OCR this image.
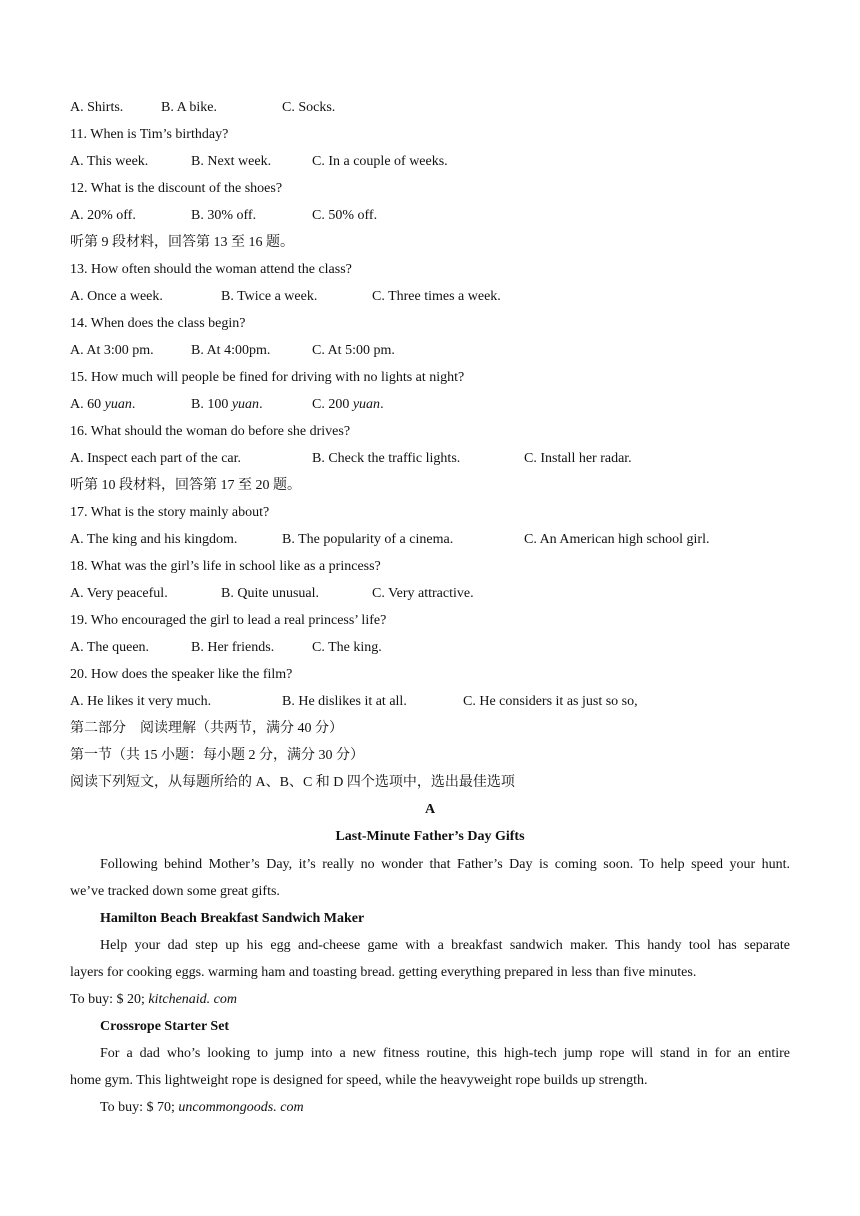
A. Shirts.	B. A bike.	C. Socks.
11. When is Tim’s birthday?
A. This week.	B. Next week.	C. In a couple of weeks.
12. What is the discount of the shoes?
A. 20% off.	B. 30% off.	C. 50% off.
听第 9 段材料，回答第 13 至 16 题。
13. How often should the woman attend the class?
A. Once a week.	B. Twice a week.	C. Three times a week.
14. When does the class begin?
A. At 3:00 pm.	B. At 4:00pm.	C. At 5:00 pm.
15. How much will people be fined for driving with no lights at night?
A. 60 yuan.	B. 100 yuan.	C. 200 yuan.
16. What should the woman do before she drives?
A. Inspect each part of the car.	B. Check the traffic lights.	C. Install her radar.
听第 10 段材料，回答第 17 至 20 题。
17. What is the story mainly about?
A. The king and his kingdom.	B. The popularity of a cinema.	C. An American high school girl.
18. What was the girl’s life in school like as a princess?
A. Very peaceful.	B. Quite unusual.	C. Very attractive.
19. Who encouraged the girl to lead a real princess’ life?
A. The queen.	B. Her friends.	C. The king.
20. How does the speaker like the film?
A. He likes it very much.	B. He dislikes it at all.	C. He considers it as just so so,
第二部分　阅读理解（共两节，满分 40 分）
第一节（共 15 小题：每小题 2 分，满分 30 分）
阅读下列短文，从每题所给的 A、B、C 和 D 四个选项中，选出最佳选项
A
Last-Minute Father’s Day Gifts
Following behind Mother’s Day, it’s really no wonder that Father’s Day is coming soon. To help speed your hunt.
we’ve tracked down some great gifts.
Hamilton Beach Breakfast Sandwich Maker
Help your dad step up his egg and-cheese game with a breakfast sandwich maker. This handy tool has separate
layers for cooking eggs. warming ham and toasting bread. getting everything prepared in less than five minutes.
To buy: $ 20; kitchenaid. com
Crossrope Starter Set
For a dad who’s looking to jump into a new fitness routine, this high-tech jump rope will stand in for an entire
home gym. This lightweight rope is designed for speed, while the heavyweight rope builds up strength.
To buy: $ 70; uncommongoods. com
